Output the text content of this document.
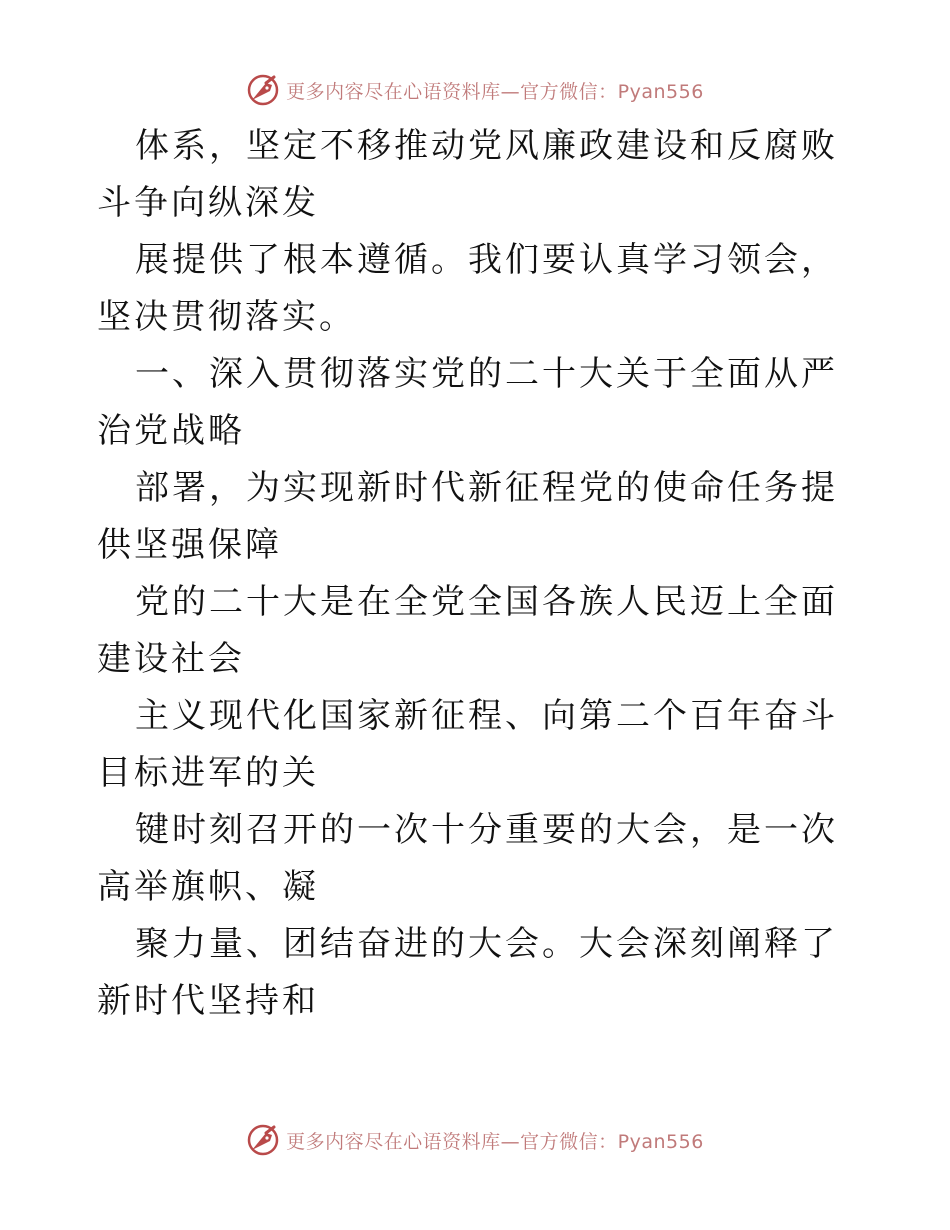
更多内容尽在心语资料库—官方微信：Pyan556

体系，坚定不移推动党风廉政建设和反腐败斗争向纵深发

展提供了根本遵循。我们要认真学习领会，坚决贯彻落实。

一、深入贯彻落实党的二十大关于全面从严治党战略

部署，为实现新时代新征程党的使命任务提供坚强保障

党的二十大是在全党全国各族人民迈上全面建设社会

主义现代化国家新征程、向第二个百年奋斗目标进军的关

键时刻召开的一次十分重要的大会，是一次高举旗帜、凝

聚力量、团结奋进的大会。大会深刻阐释了新时代坚持和

更多内容尽在心语资料库—官方微信：Pyan556
